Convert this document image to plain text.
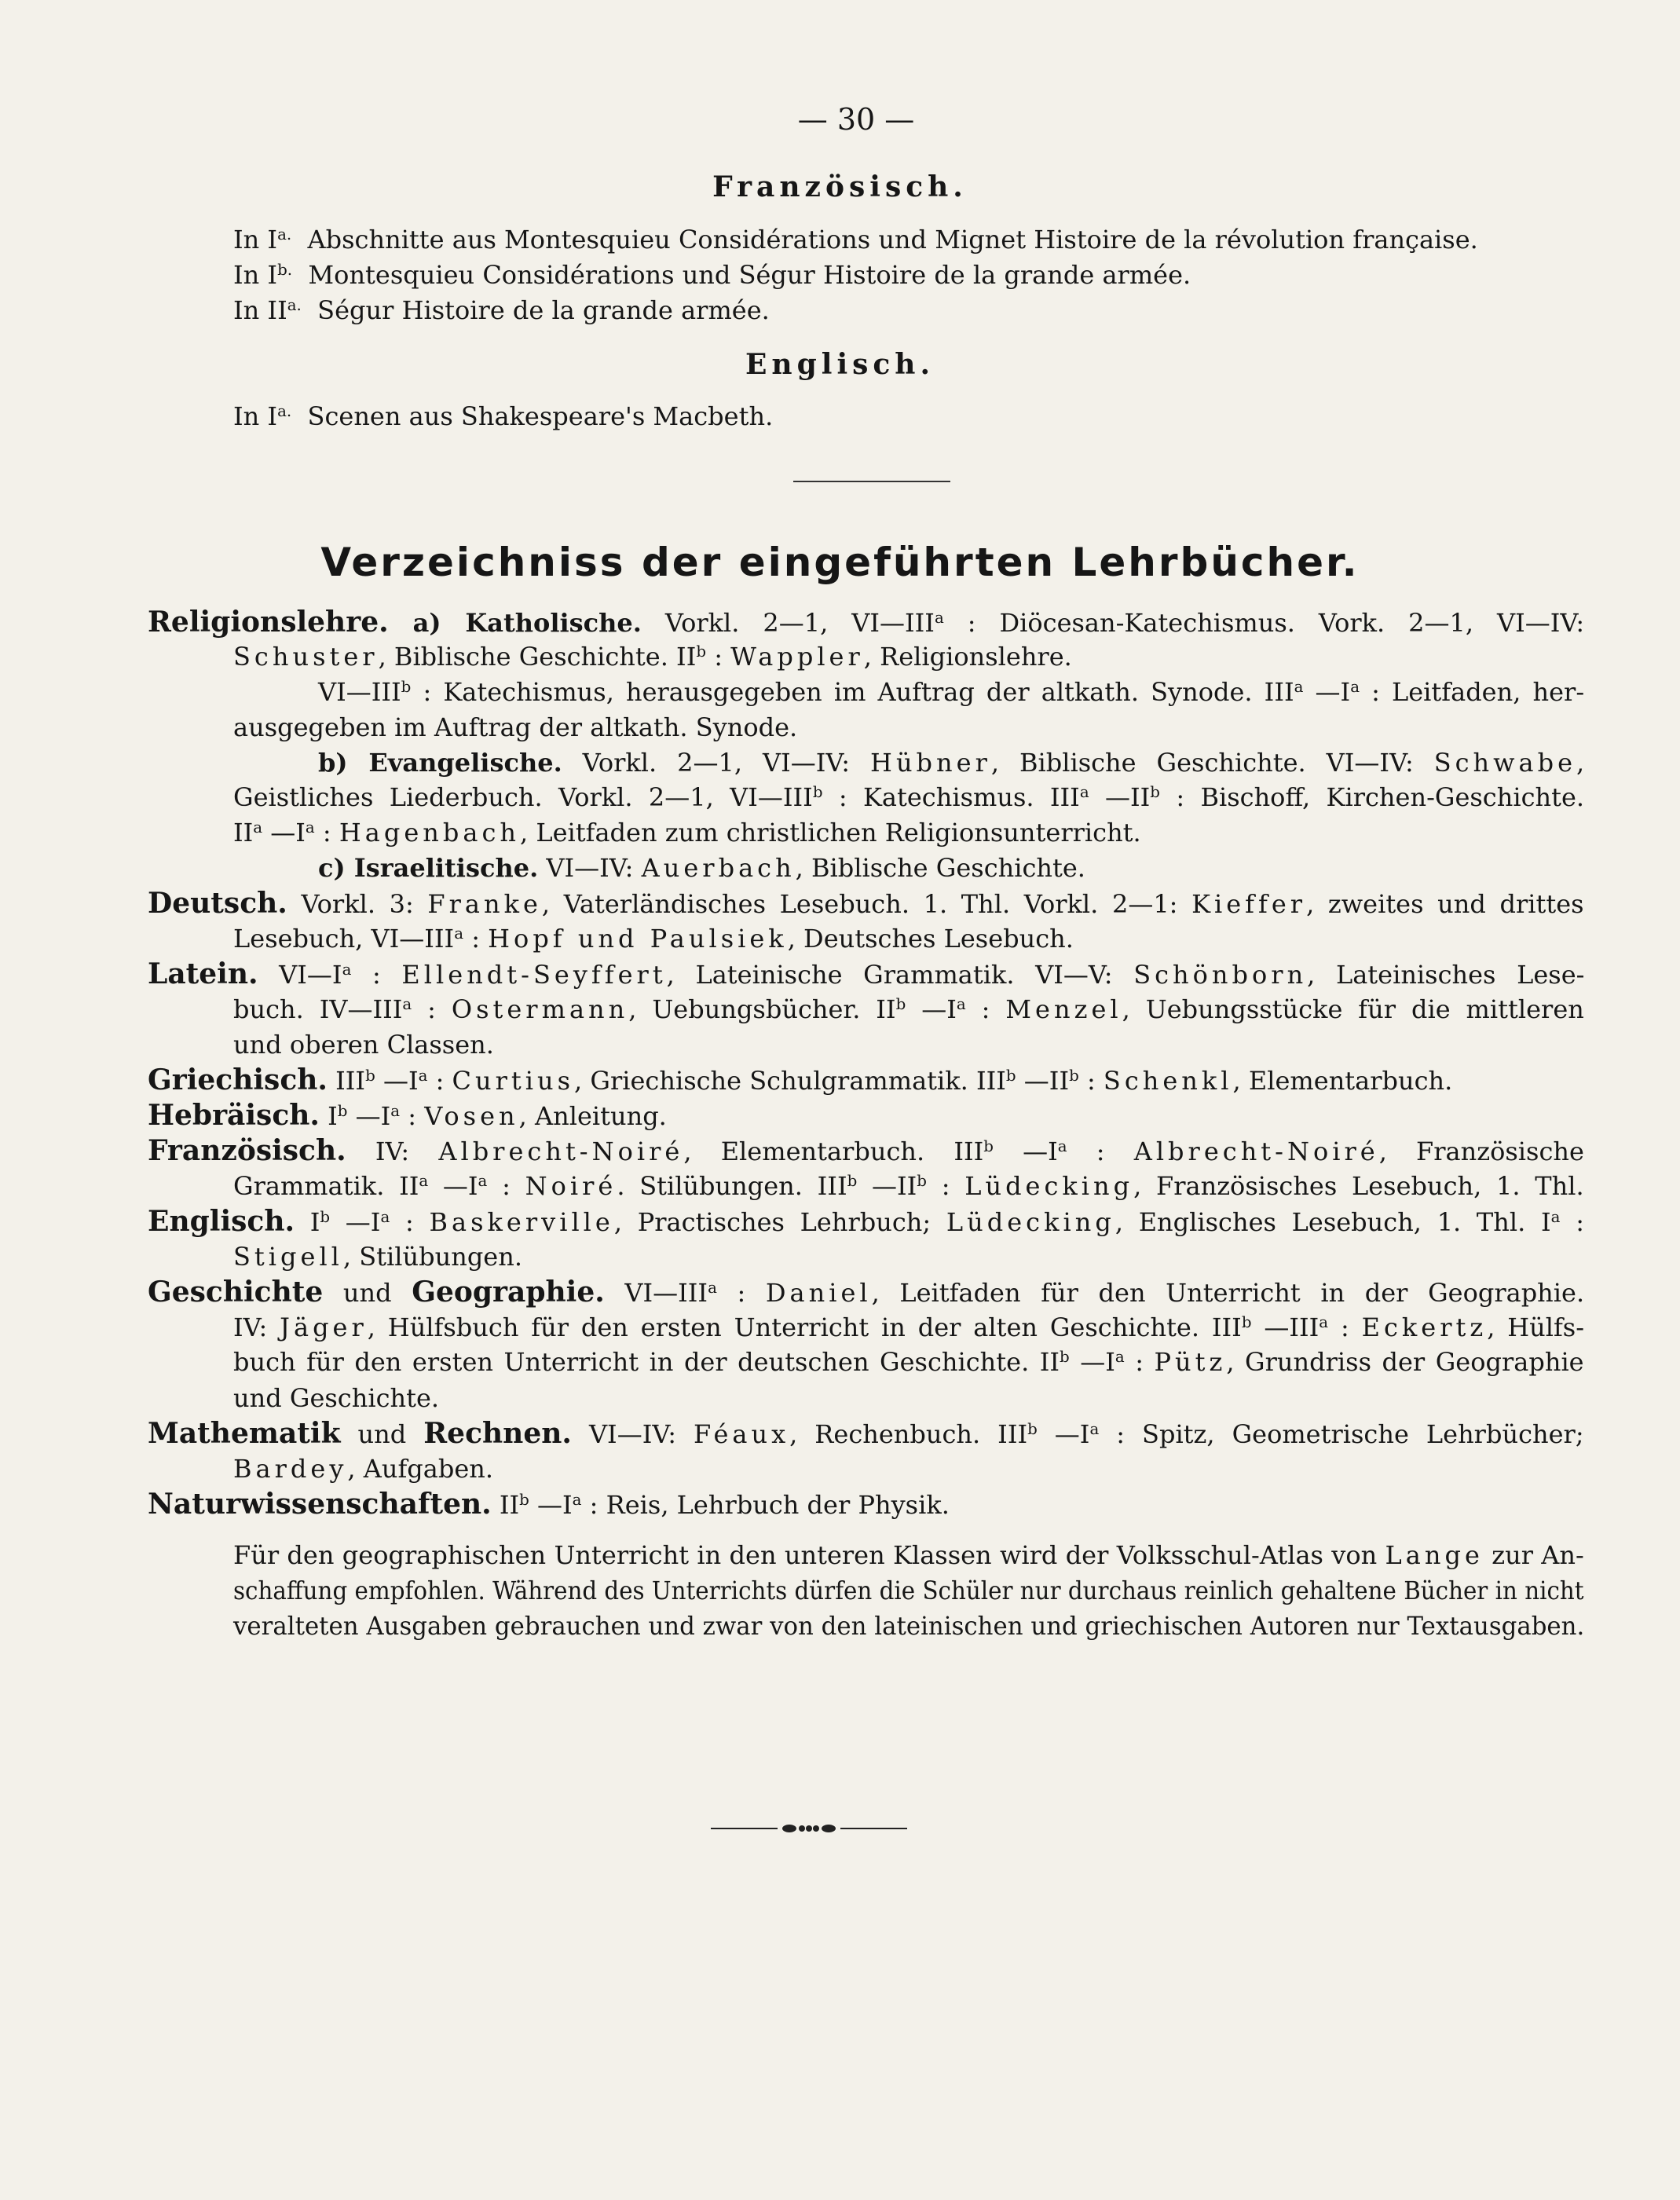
— 30 —
Französisch.
In $I^{a.}$ Abschnitte aus Montesquieu Considérations und Mignet Histoire de la révolution française.
In $I^{b.}$ Montesquieu Considérations und Ségur Histoire de la grande armée.
In $II^{a.}$ Ségur Histoire de la grande armée.
Englisch.
In $I^{a.}$ Scenen aus Shakespeare's Macbeth.
Verzeichniss der eingeführten Lehrbücher.
Religionslehre. a) Katholische. Vorkl. 2—1, VI—III$^a$ : Diöcesan-Katechismus. Vork. 2—1, VI—IV:
Schuster, Biblische Geschichte. $II^b$ : Wappler, Religionslehre.
VI—III$^b$ : Katechismus, herausgegeben im Auftrag der altkath. Synode. III$^a$ $—I^a$ : Leitfaden, her-
ausgegeben im Auftrag der altkath. Synode.
b) Evangelische. Vorkl. 2—1, VI—IV: Hübner, Biblische Geschichte. VI—IV: Schwabe,
Geistliches Liederbuch. Vorkl. 2—1, VI—III$^b$ : Katechismus. III$^a$ $—II^b$ : Bischoff, Kirchen-Geschichte.
$II^a$ $—I^a$ : Hagenbach, Leitfaden zum christlichen Religionsunterricht.
c) Israelitische. VI—IV: Auerbach, Biblische Geschichte.
Deutsch. Vorkl. 3: Franke, Vaterländisches Lesebuch. 1. Thl. Vorkl. 2—1: Kieffer, zweites und drittes
Lesebuch, VI—III$^a$ : Hopf und Paulsiek, Deutsches Lesebuch.
Latein. $VI—I^a$ : Ellendt-Seyffert, Lateinische Grammatik. VI—V: Schönborn, Lateinisches Lese-
buch. IV—III$^a$ : Ostermann, Uebungsbücher. $II^b$ $—I^a$ : Menzel, Uebungsstücke für die mittleren
und oberen Classen.
Griechisch. III$^b$ $—I^a$ : Curtius, Griechische Schulgrammatik. III$^b$ $—II^b$ : Schenkl, Elementarbuch.
Hebräisch. $I^b$ $—I^a$ : Vosen, Anleitung.
Französisch. IV: Albrecht-Noiré, Elementarbuch. III$^b$ $—I^a$ : Albrecht-Noiré, Französische
Grammatik. $II^a$ $—I^a$ : Noiré. Stilübungen. III$^b$ $—II^b$ : Lüdecking, Französisches Lesebuch, 1. Thl.
Englisch. $I^b$ $—I^a$ : Baskerville, Practisches Lehrbuch; Lüdecking, Englisches Lesebuch, 1. Thl. $I^a$ :
Stigell, Stilübungen.
Geschichte und Geographie. VI—III$^a$ : Daniel, Leitfaden für den Unterricht in der Geographie.
IV: Jäger, Hülfsbuch für den ersten Unterricht in der alten Geschichte. III$^b$ —III$^a$ : Eckertz, Hülfs-
buch für den ersten Unterricht in der deutschen Geschichte. $II^b$ $—I^a$ : Pütz, Grundriss der Geographie
und Geschichte.
Mathematik und Rechnen. VI—IV: Féaux, Rechenbuch. III$^b$ $—I^a$ : Spitz, Geometrische Lehrbücher;
Bardey, Aufgaben.
Naturwissenschaften. $II^b$ $—I^a$ : Reis, Lehrbuch der Physik.
Für den geographischen Unterricht in den unteren Klassen wird der Volksschul-Atlas von Lange zur An-
schaffung empfohlen. Während des Unterrichts dürfen die Schüler nur durchaus reinlich gehaltene Bücher in nicht
veralteten Ausgaben gebrauchen und zwar von den lateinischen und griechischen Autoren nur Textausgaben.
